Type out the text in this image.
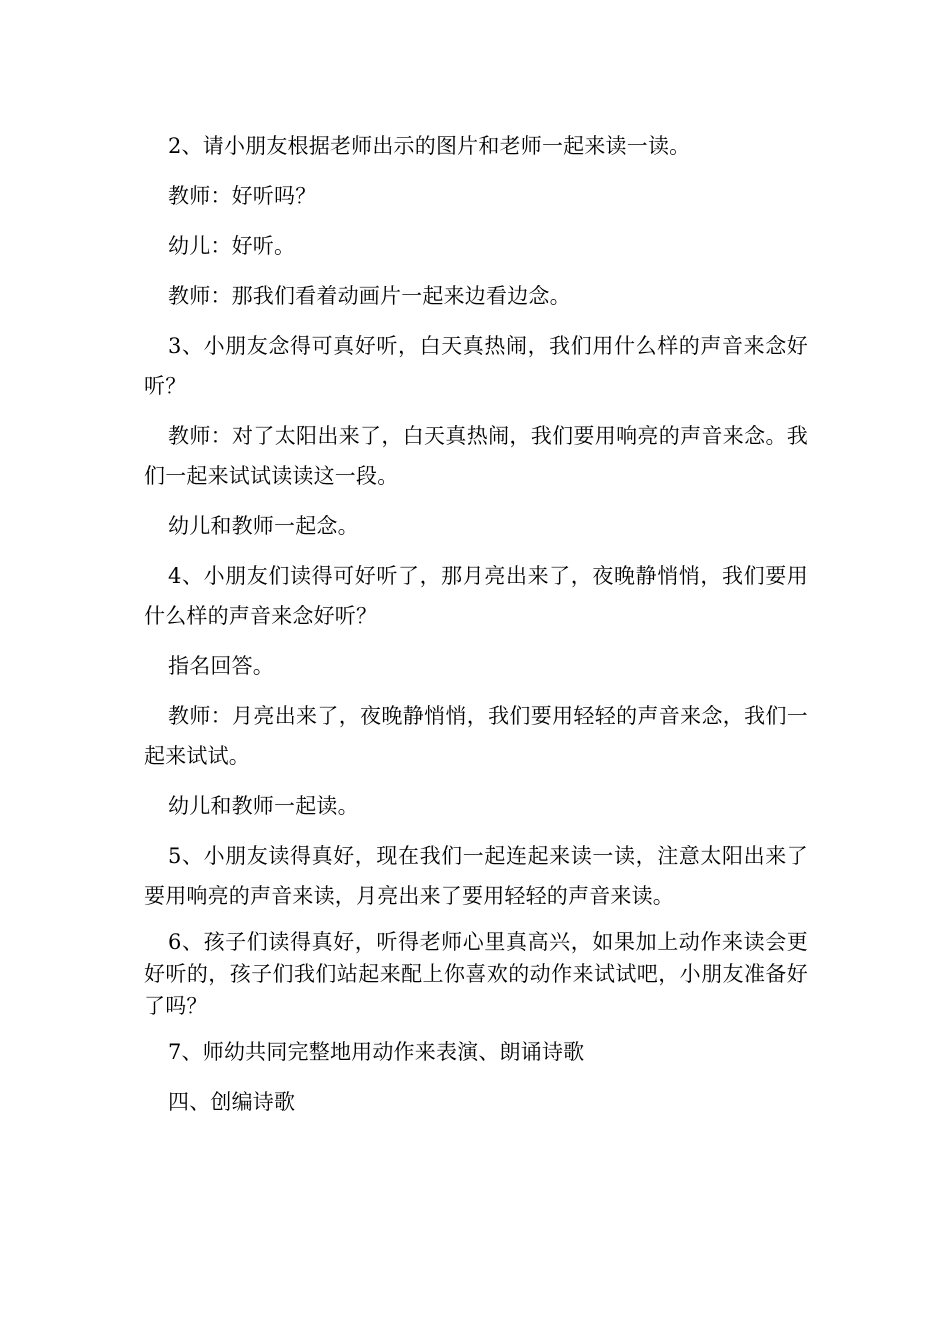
2、请小朋友根据老师出示的图片和老师一起来读一读。

教师：好听吗？

幼儿：好听。

教师：那我们看着动画片一起来边看边念。

3、小朋友念得可真好听，白天真热闹，我们用什么样的声音来念好听？

教师：对了太阳出来了，白天真热闹，我们要用响亮的声音来念。我们一起来试试读读这一段。

幼儿和教师一起念。

4、小朋友们读得可好听了，那月亮出来了，夜晚静悄悄，我们要用什么样的声音来念好听？

指名回答。

教师：月亮出来了，夜晚静悄悄，我们要用轻轻的声音来念，我们一起来试试。

幼儿和教师一起读。

5、小朋友读得真好，现在我们一起连起来读一读，注意太阳出来了要用响亮的声音来读，月亮出来了要用轻轻的声音来读。

6、孩子们读得真好，听得老师心里真高兴，如果加上动作来读会更好听的，孩子们我们站起来配上你喜欢的动作来试试吧，小朋友准备好了吗？

7、师幼共同完整地用动作来表演、朗诵诗歌

四、创编诗歌
